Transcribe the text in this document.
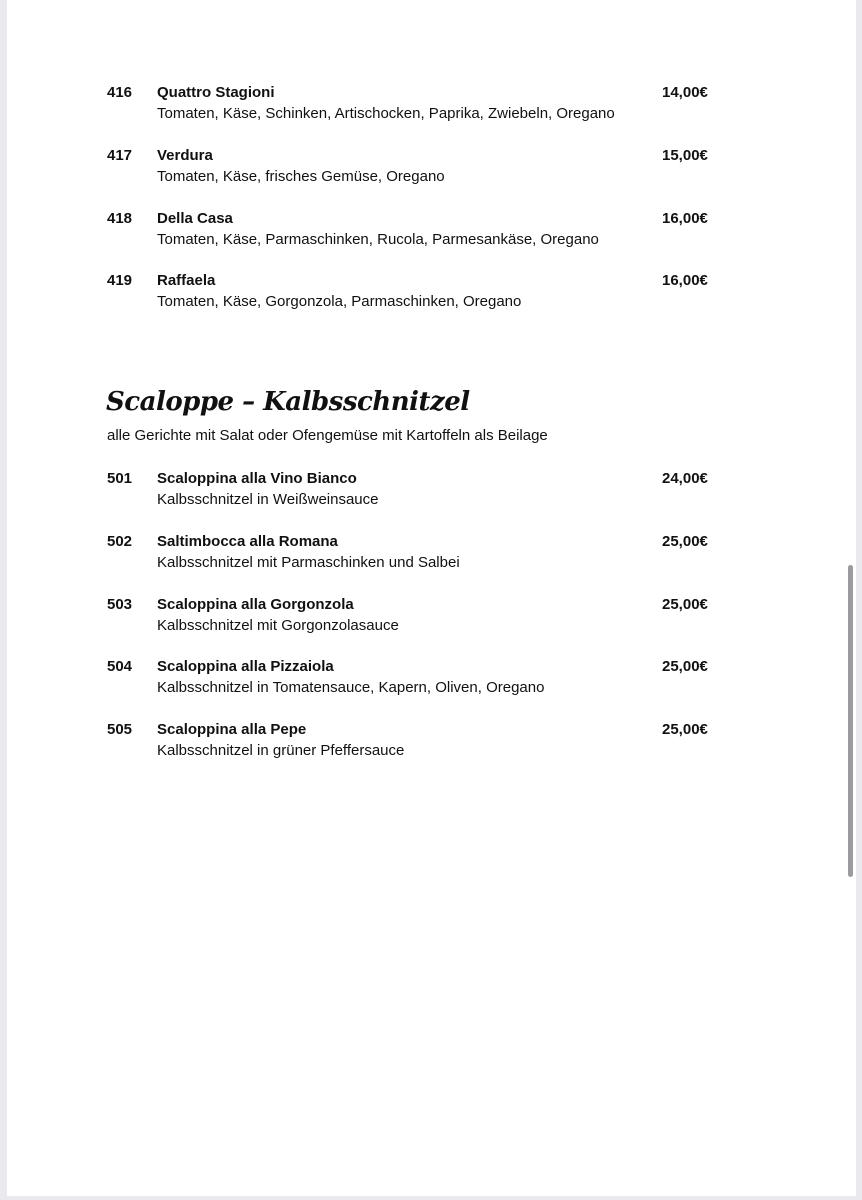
416 Quattro Stagioni
Tomaten, Käse, Schinken, Artischocken, Paprika, Zwiebeln, Oregano
14,00€
417 Verdura
Tomaten, Käse, frisches Gemüse, Oregano
15,00€
418 Della Casa
Tomaten, Käse, Parmaschinken, Rucola, Parmesankäse, Oregano
16,00€
419 Raffaela
Tomaten, Käse, Gorgonzola, Parmaschinken, Oregano
16,00€
Scaloppe – Kalbsschnitzel
alle Gerichte mit Salat oder Ofengemüse mit Kartoffeln als Beilage
501 Scaloppina alla Vino Bianco
Kalbsschnitzel in Weißweinsauce
24,00€
502 Saltimbocca alla Romana
Kalbsschnitzel mit Parmaschinken und Salbei
25,00€
503 Scaloppina alla Gorgonzola
Kalbsschnitzel mit Gorgonzolasauce
25,00€
504 Scaloppina alla Pizzaiola
Kalbsschnitzel in Tomatensauce, Kapern, Oliven, Oregano
25,00€
505 Scaloppina alla Pepe
Kalbsschnitzel in grüner Pfeffersauce
25,00€
